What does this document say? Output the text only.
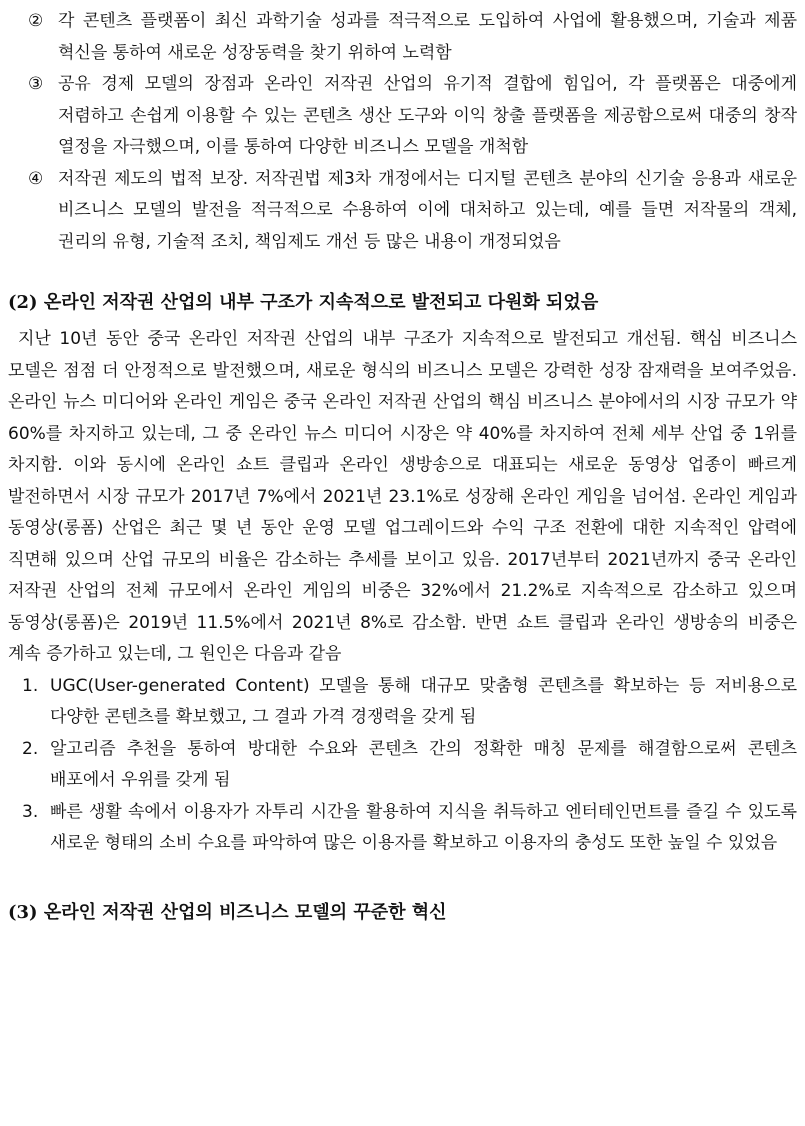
② 각 콘텐츠 플랫폼이 최신 과학기술 성과를 적극적으로 도입하여 사업에 활용했으며, 기술과 제품 혁신을 통하여 새로운 성장동력을 찾기 위하여 노력함
③ 공유 경제 모델의 장점과 온라인 저작권 산업의 유기적 결합에 힘입어, 각 플랫폼은 대중에게 저렴하고 손쉽게 이용할 수 있는 콘텐츠 생산 도구와 이익 창출 플랫폼을 제공함으로써 대중의 창작 열정을 자극했으며, 이를 통하여 다양한 비즈니스 모델을 개척함
④ 저작권 제도의 법적 보장. 저작권법 제3차 개정에서는 디지털 콘텐츠 분야의 신기술 응용과 새로운 비즈니스 모델의 발전을 적극적으로 수용하여 이에 대처하고 있는데, 예를 들면 저작물의 객체, 권리의 유형, 기술적 조치, 책임제도 개선 등 많은 내용이 개정되었음
(2) 온라인 저작권 산업의 내부 구조가 지속적으로 발전되고 다원화 되었음
지난 10년 동안 중국 온라인 저작권 산업의 내부 구조가 지속적으로 발전되고 개선됨. 핵심 비즈니스 모델은 점점 더 안정적으로 발전했으며, 새로운 형식의 비즈니스 모델은 강력한 성장 잠재력을 보여주었음. 온라인 뉴스 미디어와 온라인 게임은 중국 온라인 저작권 산업의 핵심 비즈니스 분야에서의 시장 규모가 약 60%를 차지하고 있는데, 그 중 온라인 뉴스 미디어 시장은 약 40%를 차지하여 전체 세부 산업 중 1위를 차지함. 이와 동시에 온라인 쇼트 클립과 온라인 생방송으로 대표되는 새로운 동영상 업종이 빠르게 발전하면서 시장 규모가 2017년 7%에서 2021년 23.1%로 성장해 온라인 게임을 넘어섬. 온라인 게임과 동영상(롱폼) 산업은 최근 몇 년 동안 운영 모델 업그레이드와 수익 구조 전환에 대한 지속적인 압력에 직면해 있으며 산업 규모의 비율은 감소하는 추세를 보이고 있음. 2017년부터 2021년까지 중국 온라인 저작권 산업의 전체 규모에서 온라인 게임의 비중은 32%에서 21.2%로 지속적으로 감소하고 있으며 동영상(롱폼)은 2019년 11.5%에서 2021년 8%로 감소함. 반면 쇼트 클립과 온라인 생방송의 비중은 계속 증가하고 있는데, 그 원인은 다음과 같음
1. UGC(User-generated Content) 모델을 통해 대규모 맞춤형 콘텐츠를 확보하는 등 저비용으로 다양한 콘텐츠를 확보했고, 그 결과 가격 경쟁력을 갖게 됨
2. 알고리즘 추천을 통하여 방대한 수요와 콘텐츠 간의 정확한 매칭 문제를 해결함으로써 콘텐츠 배포에서 우위를 갖게 됨
3. 빠른 생활 속에서 이용자가 자투리 시간을 활용하여 지식을 취득하고 엔터테인먼트를 즐길 수 있도록 새로운 형태의 소비 수요를 파악하여 많은 이용자를 확보하고 이용자의 충성도 또한 높일 수 있었음
(3) 온라인 저작권 산업의 비즈니스 모델의 꾸준한 혁신
